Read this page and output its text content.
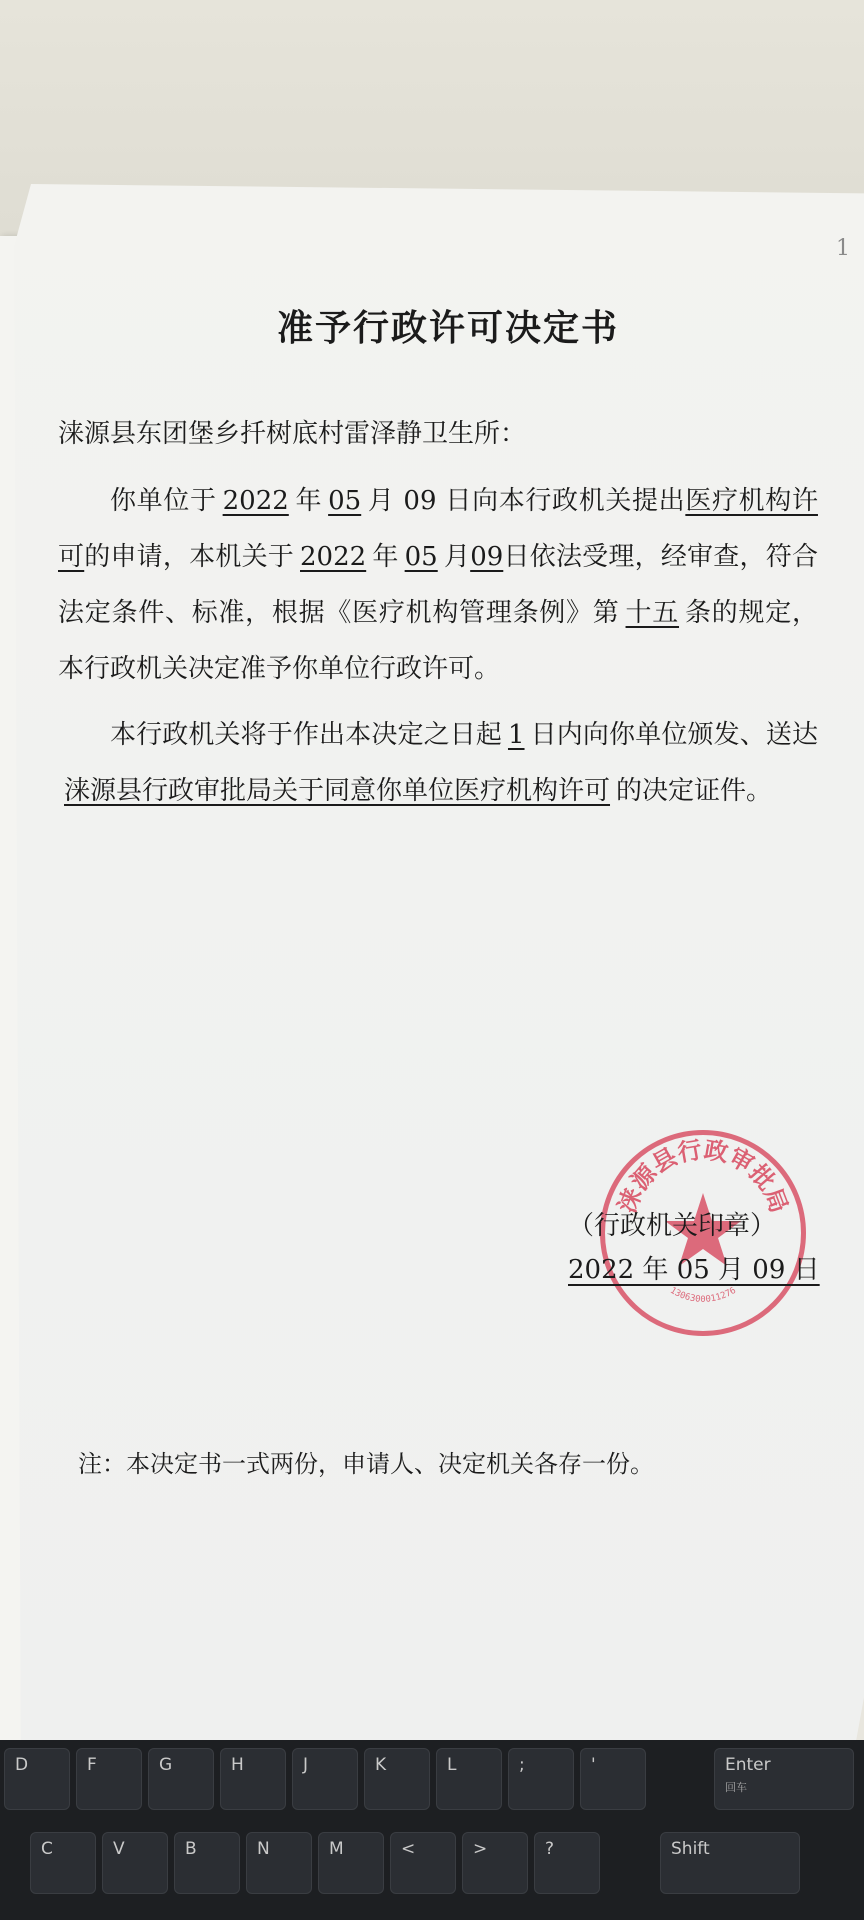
1
准予行政许可决定书
涞源县东团堡乡扦树底村雷泽静卫生所：

你单位于 2022 年 05 月 09 日向本行政机关提出医疗机构许可的申请，本机关于 2022 年 05 月09日依法受理，经审查，符合法定条件、标准，根据《医疗机构管理条例》第 十五 条的规定，本行政机关决定准予你单位行政许可。

本行政机关将于作出本决定之日起 1 日内向你单位颁发、送达涞源县行政审批局关于同意你单位医疗机构许可 的决定证件。

涞源县行政审批局
1306300011276
（行政机关印章）
2022 年 05 月 09 日
注：本决定书一式两份，申请人、决定机关各存一份。
D	F	G	H	J	K	L	;	'	Enter
回车
C	V	B	N	M	<	>	?	Shift
